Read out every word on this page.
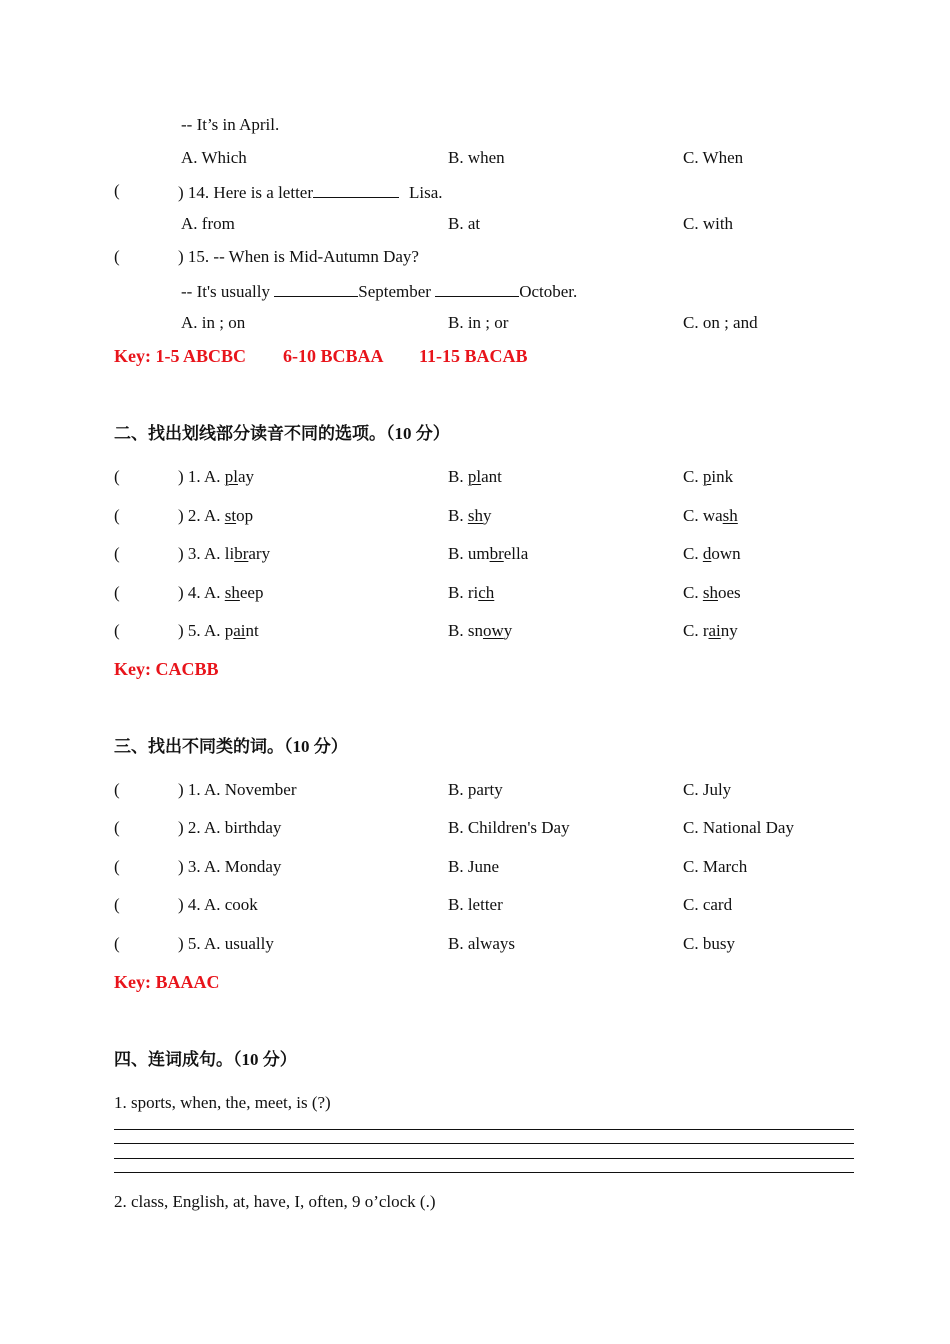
-- It’s in April.
A. Which	B. when	C. When
(	) 14. Here is a letter	Lisa.
A. from	B. at	C. with
(	) 15. -- When is Mid-Autumn Day?
-- It's usually	September	October.
A. in ; on	B. in ; or	C. on ; and
Key: 1-5 ABCBC 6-10 BCBAA 11-15 BACAB
二、找出划线部分读音不同的选项。（10 分）
(	) 1. A. play	B. plant	C. pink
(	) 2. A. stop	B. shy	C. wash
(	) 3. A. library	B. umbrella	C. down
(	) 4. A. sheep	B. rich	C. shoes
(	) 5. A. paint	B. snowy	C. rainy
Key: CACBB
三、找出不同类的词。（10 分）
(	) 1. A. November	B. party	C. July
(	) 2. A. birthday	B. Children's Day	C. National Day
(	) 3. A. Monday	B. June	C. March
(	) 4. A. cook	B. letter	C. card
(	) 5. A. usually	B. always	C. busy
Key: BAAAC
四、连词成句。（10 分）
1. sports, when, the, meet, is (?)
2. class, English, at, have, I, often, 9 o’clock (.)
